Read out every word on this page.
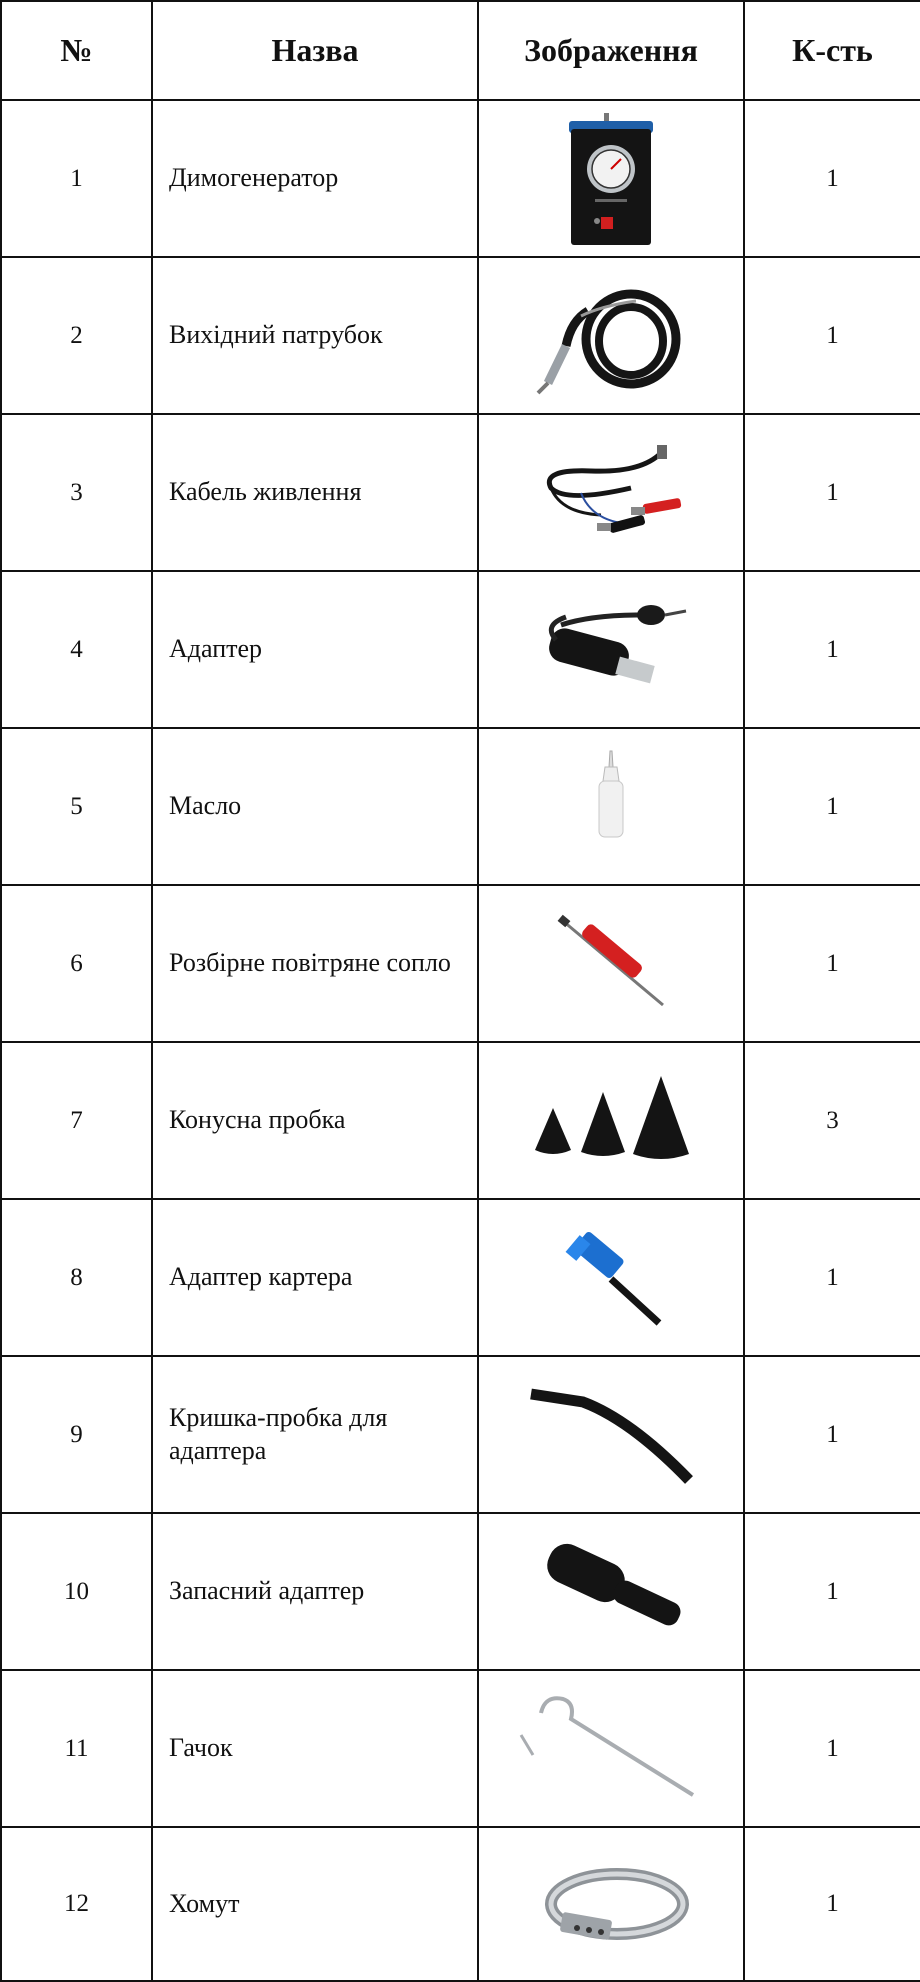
№	Назва	Зображення	К-сть
1	Димогенератор		1
2	Вихідний патрубок		1
3	Кабель живлення		1
4	Адаптер		1
5	Масло		1
6	Розбірне повітряне сопло		1
7	Конусна пробка		3
8	Адаптер картера		1
9	Кришка-пробка для адаптера		1
10	Запасний адаптер		1
11	Гачок		1
12	Хомут		1
